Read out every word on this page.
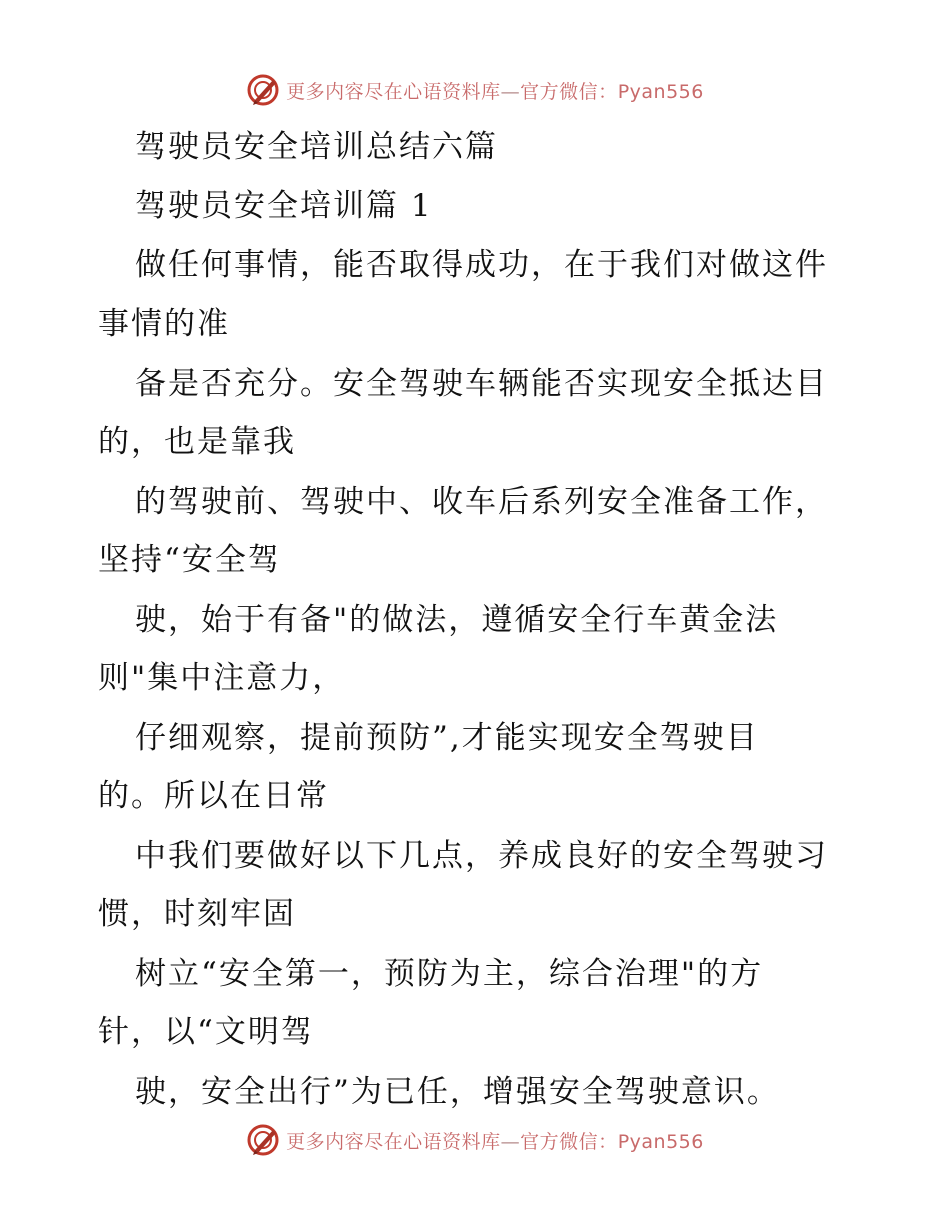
更多内容尽在心语资料库—官方微信：Pyan556
驾驶员安全培训总结六篇
驾驶员安全培训篇 1
做任何事情，能否取得成功，在于我们对做这件
事情的准
备是否充分。安全驾驶车辆能否实现安全抵达目
的，也是靠我
的驾驶前、驾驶中、收车后系列安全准备工作，
坚持“安全驾
驶，始于有备"的做法，遵循安全行车黄金法
则"集中注意力，
仔细观察，提前预防”,才能实现安全驾驶目
的。所以在日常
中我们要做好以下几点，养成良好的安全驾驶习
惯，时刻牢固
树立“安全第一，预防为主，综合治理"的方
针，以“文明驾
驶，安全出行”为已任，增强安全驾驶意识。
更多内容尽在心语资料库—官方微信：Pyan556
